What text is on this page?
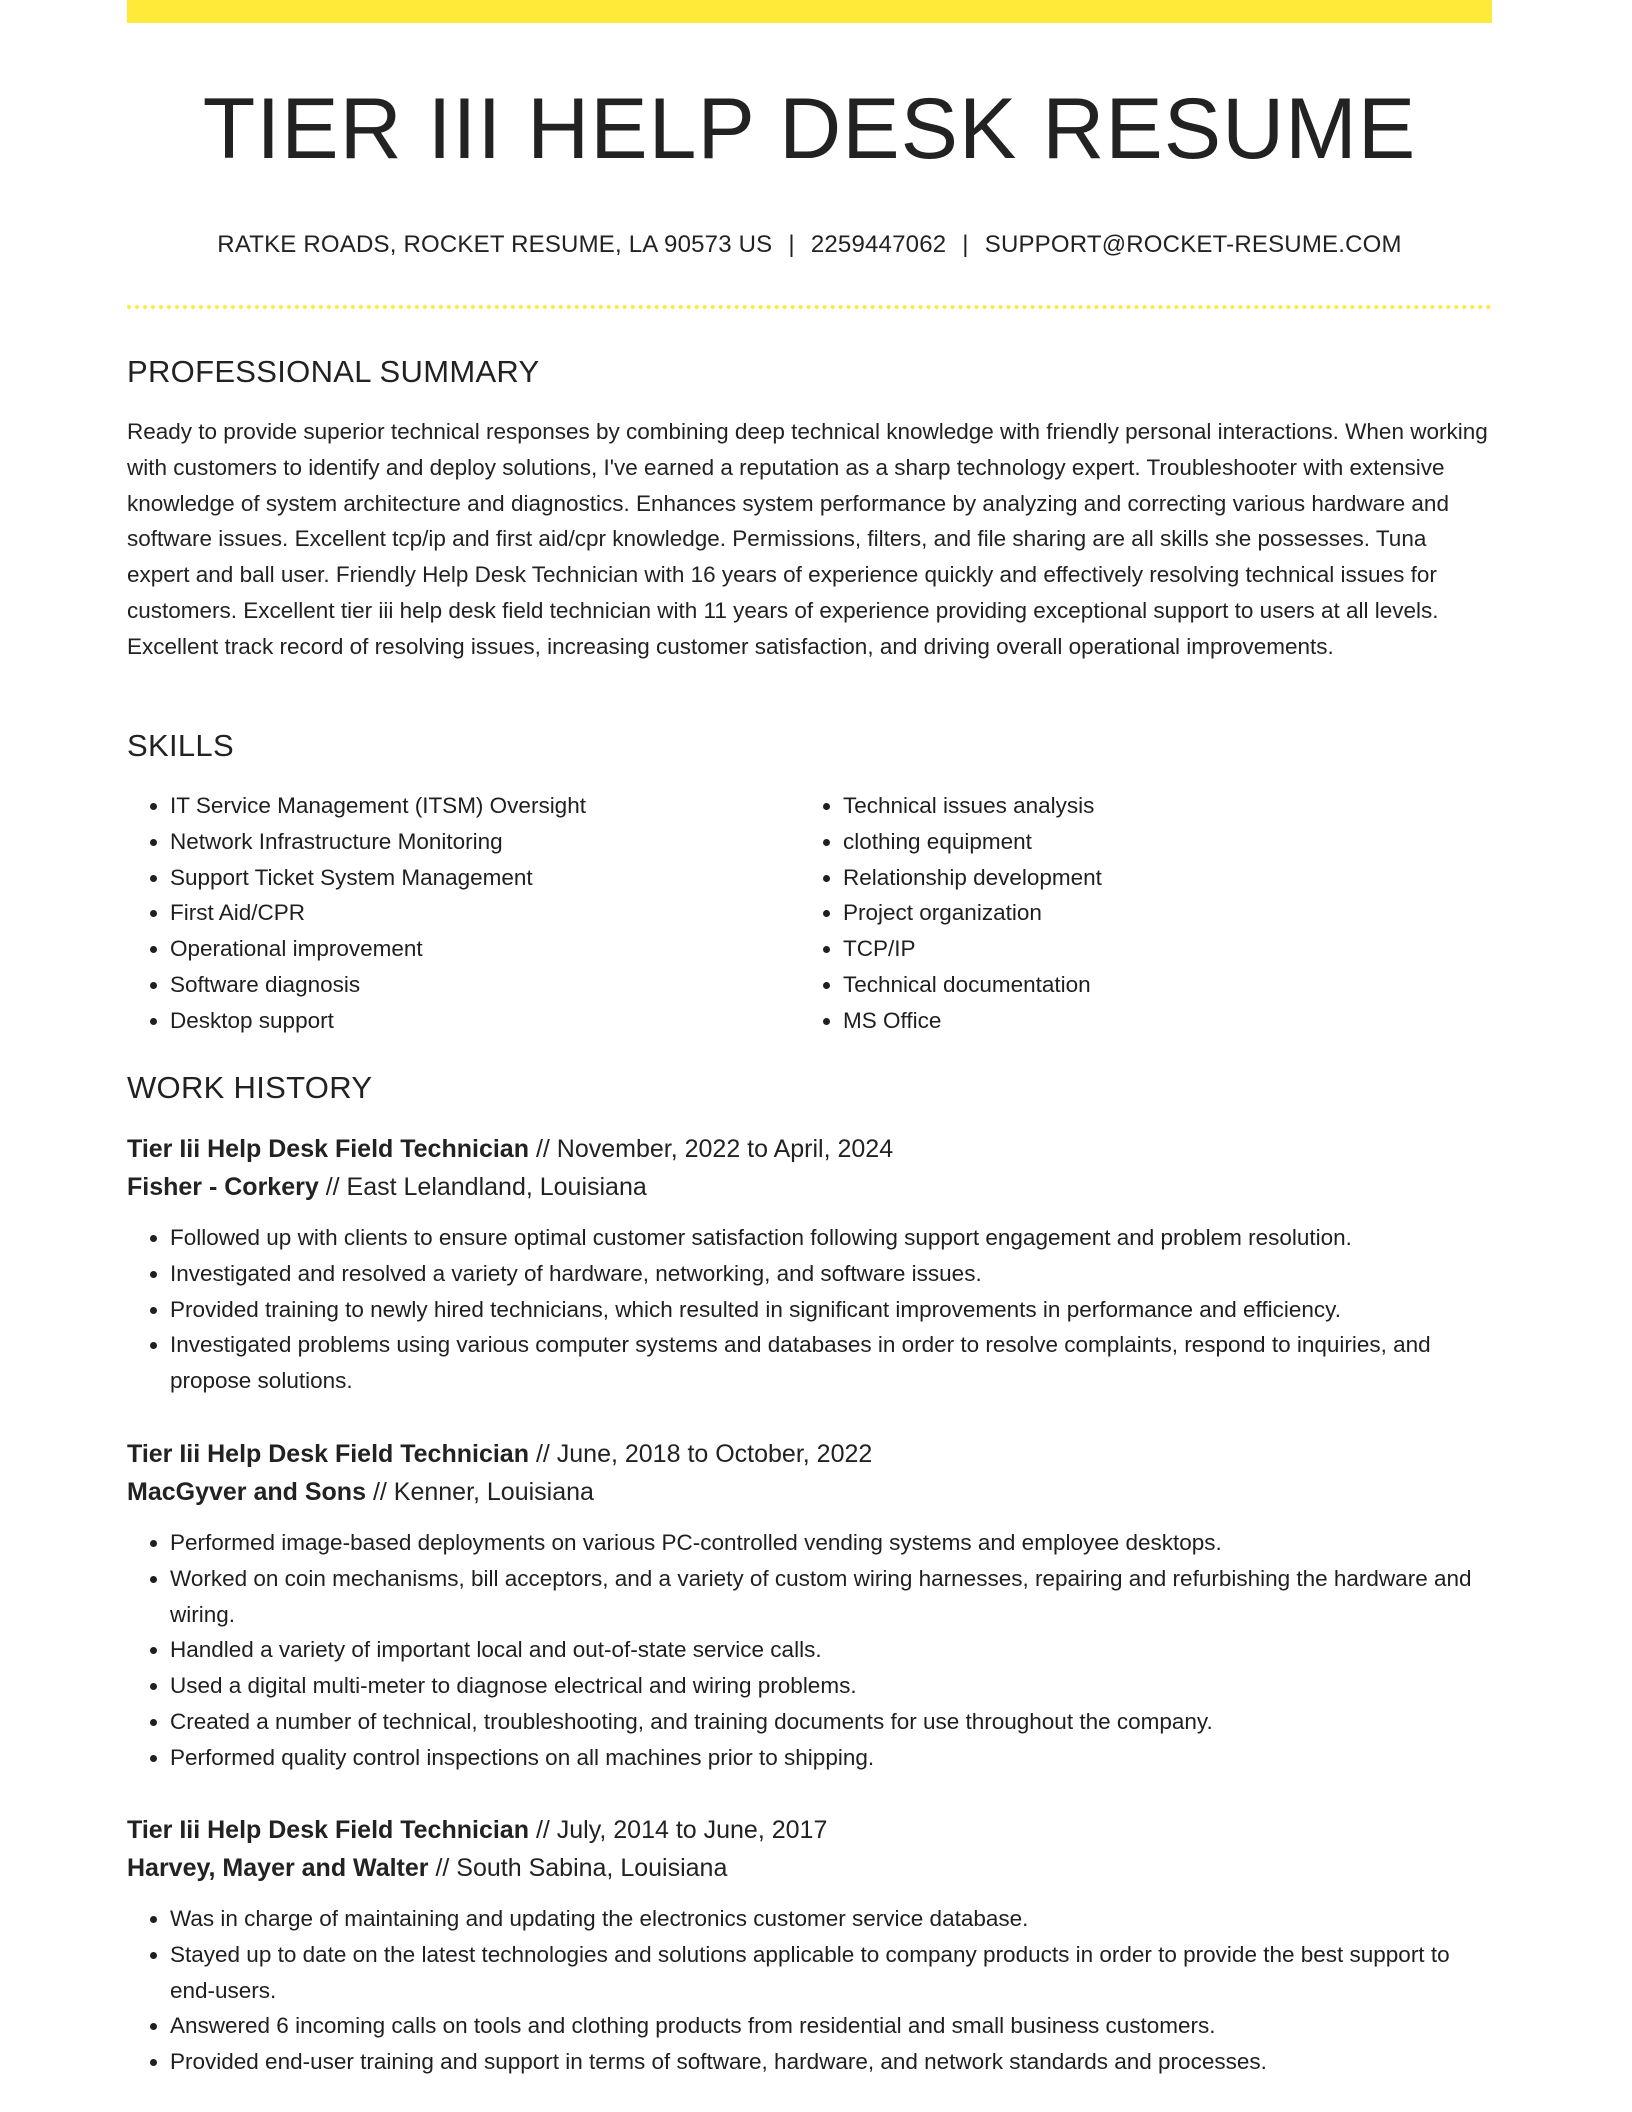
TIER III HELP DESK RESUME
RATKE ROADS, ROCKET RESUME, LA 90573 US | 2259447062 | SUPPORT@ROCKET-RESUME.COM
PROFESSIONAL SUMMARY

Ready to provide superior technical responses by combining deep technical knowledge with friendly personal interactions. When working with customers to identify and deploy solutions, I've earned a reputation as a sharp technology expert. Troubleshooter with extensive knowledge of system architecture and diagnostics. Enhances system performance by analyzing and correcting various hardware and software issues. Excellent tcp/ip and first aid/cpr knowledge. Permissions, filters, and file sharing are all skills she possesses. Tuna expert and ball user. Friendly Help Desk Technician with 16 years of experience quickly and effectively resolving technical issues for customers. Excellent tier iii help desk field technician with 11 years of experience providing exceptional support to users at all levels. Excellent track record of resolving issues, increasing customer satisfaction, and driving overall operational improvements.

SKILLS
• IT Service Management (ITSM) Oversight
• Network Infrastructure Monitoring
• Support Ticket System Management
• First Aid/CPR
• Operational improvement
• Software diagnosis
• Desktop support
• Technical issues analysis
• clothing equipment
• Relationship development
• Project organization
• TCP/IP
• Technical documentation
• MS Office
WORK HISTORY

Tier Iii Help Desk Field Technician // November, 2022 to April, 2024

Fisher - Corkery // East Lelandland, Louisiana

• Followed up with clients to ensure optimal customer satisfaction following support engagement and problem resolution.
• Investigated and resolved a variety of hardware, networking, and software issues.
• Provided training to newly hired technicians, which resulted in significant improvements in performance and efficiency.
• Investigated problems using various computer systems and databases in order to resolve complaints, respond to inquiries, and propose solutions.

Tier Iii Help Desk Field Technician // June, 2018 to October, 2022

MacGyver and Sons // Kenner, Louisiana

• Performed image-based deployments on various PC-controlled vending systems and employee desktops.
• Worked on coin mechanisms, bill acceptors, and a variety of custom wiring harnesses, repairing and refurbishing the hardware and wiring.
• Handled a variety of important local and out-of-state service calls.
• Used a digital multi-meter to diagnose electrical and wiring problems.
• Created a number of technical, troubleshooting, and training documents for use throughout the company.
• Performed quality control inspections on all machines prior to shipping.

Tier Iii Help Desk Field Technician // July, 2014 to June, 2017

Harvey, Mayer and Walter // South Sabina, Louisiana

• Was in charge of maintaining and updating the electronics customer service database.
• Stayed up to date on the latest technologies and solutions applicable to company products in order to provide the best support to end-users.
• Answered 6 incoming calls on tools and clothing products from residential and small business customers.
• Provided end-user training and support in terms of software, hardware, and network standards and processes.
